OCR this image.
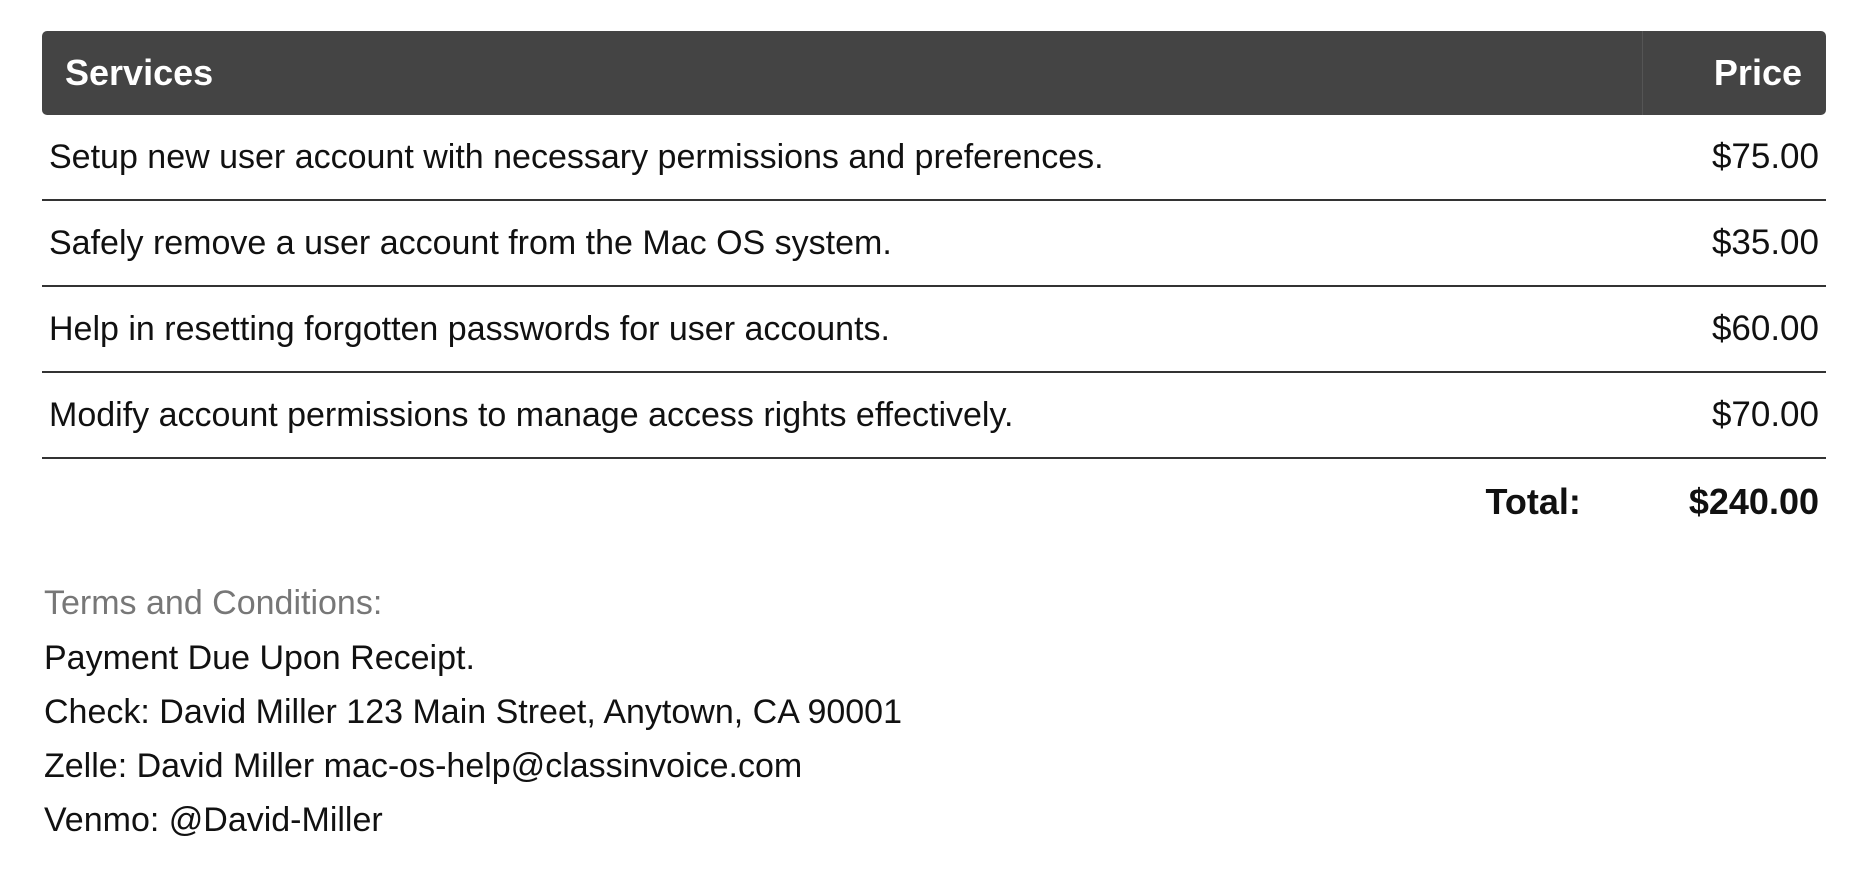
Services	Price
Setup new user account with necessary permissions and preferences.	$75.00
Safely remove a user account from the Mac OS system.	$35.00
Help in resetting forgotten passwords for user accounts.	$60.00
Modify account permissions to manage access rights effectively.	$70.00
Total:	$240.00
Terms and Conditions:
Payment Due Upon Receipt.
Check: David Miller 123 Main Street, Anytown, CA 90001
Zelle: David Miller mac-os-help@classinvoice.com
Venmo: @David-Miller
